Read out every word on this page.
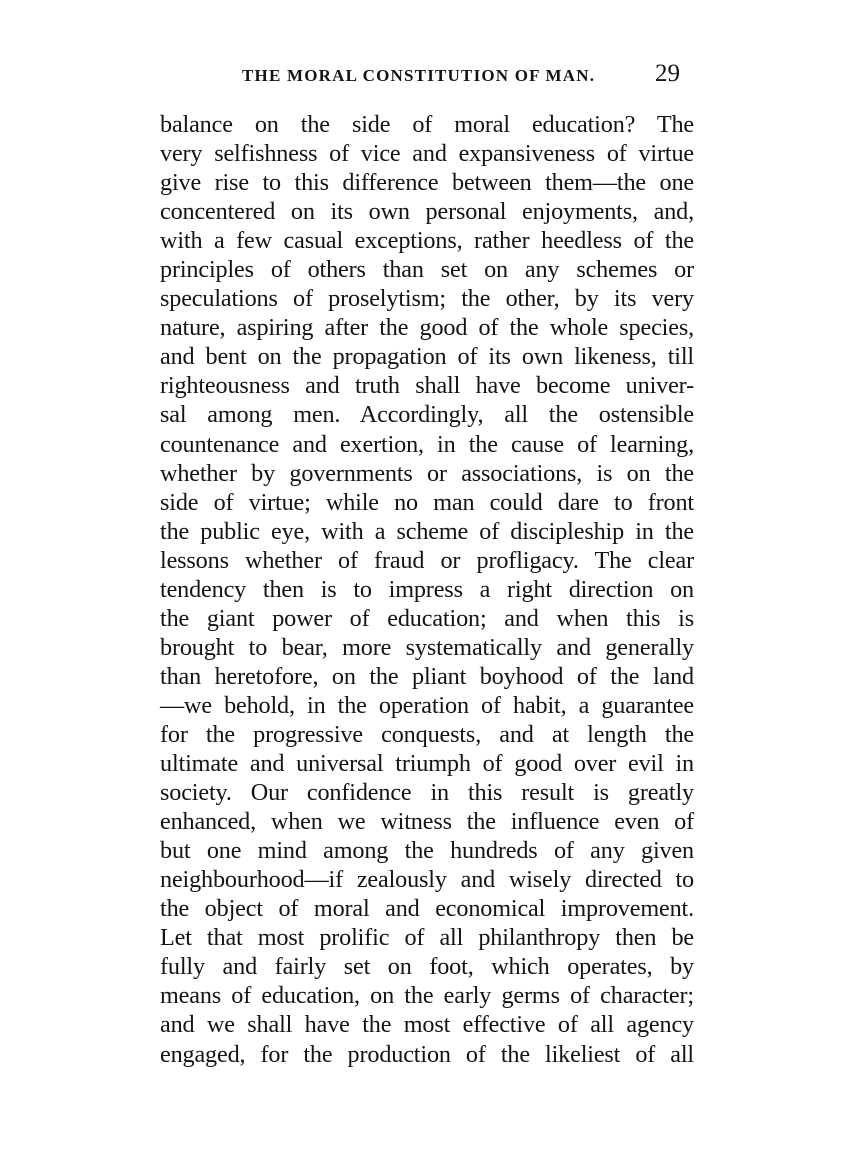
THE MORAL CONSTITUTION OF MAN. 29
balance on the side of moral education? The
very selfishness of vice and expansiveness of virtue
give rise to this difference between them—the one
concentered on its own personal enjoyments, and,
with a few casual exceptions, rather heedless of the
principles of others than set on any schemes or
speculations of proselytism; the other, by its very
nature, aspiring after the good of the whole species,
and bent on the propagation of its own likeness, till
righteousness and truth shall have become univer-
sal among men. Accordingly, all the ostensible
countenance and exertion, in the cause of learning,
whether by governments or associations, is on the
side of virtue; while no man could dare to front
the public eye, with a scheme of discipleship in the
lessons whether of fraud or profligacy. The clear
tendency then is to impress a right direction on
the giant power of education; and when this is
brought to bear, more systematically and generally
than heretofore, on the pliant boyhood of the land
—we behold, in the operation of habit, a guarantee
for the progressive conquests, and at length the
ultimate and universal triumph of good over evil in
society. Our confidence in this result is greatly
enhanced, when we witness the influence even of
but one mind among the hundreds of any given
neighbourhood—if zealously and wisely directed to
the object of moral and economical improvement.
Let that most prolific of all philanthropy then be
fully and fairly set on foot, which operates, by
means of education, on the early germs of character;
and we shall have the most effective of all agency
engaged, for the production of the likeliest of all
